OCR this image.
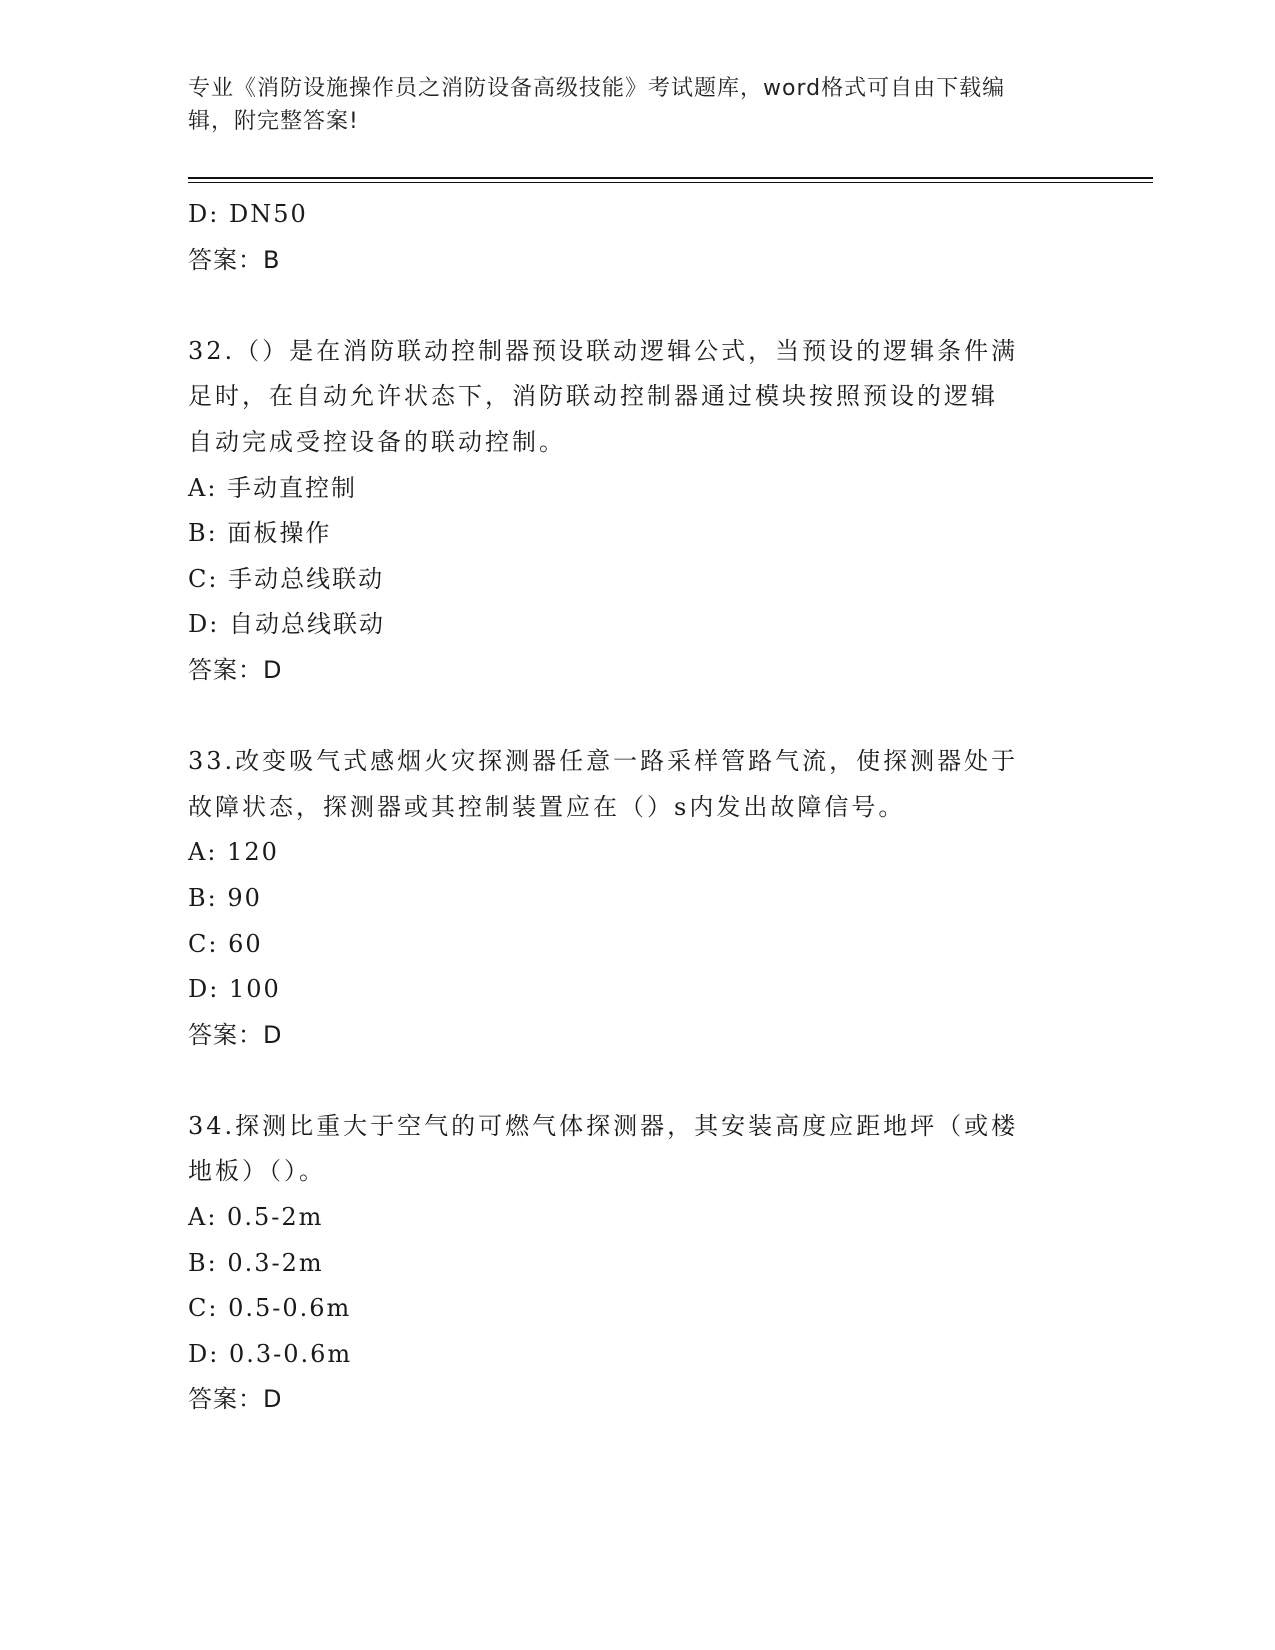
专业《消防设施操作员之消防设备高级技能》考试题库，word格式可自由下载编
辑，附完整答案!
D: DN50
答案：B
32.（）是在消防联动控制器预设联动逻辑公式，当预设的逻辑条件满
足时，在自动允许状态下，消防联动控制器通过模块按照预设的逻辑
自动完成受控设备的联动控制。
A: 手动直控制
B: 面板操作
C: 手动总线联动
D: 自动总线联动
答案：D
33.改变吸气式感烟火灾探测器任意一路采样管路气流，使探测器处于
故障状态，探测器或其控制装置应在（）s内发出故障信号。
A: 120
B: 90
C: 60
D: 100
答案：D
34.探测比重大于空气的可燃气体探测器，其安装高度应距地坪（或楼
地板）（）。
A: 0.5-2m
B: 0.3-2m
C: 0.5-0.6m
D: 0.3-0.6m
答案：D
